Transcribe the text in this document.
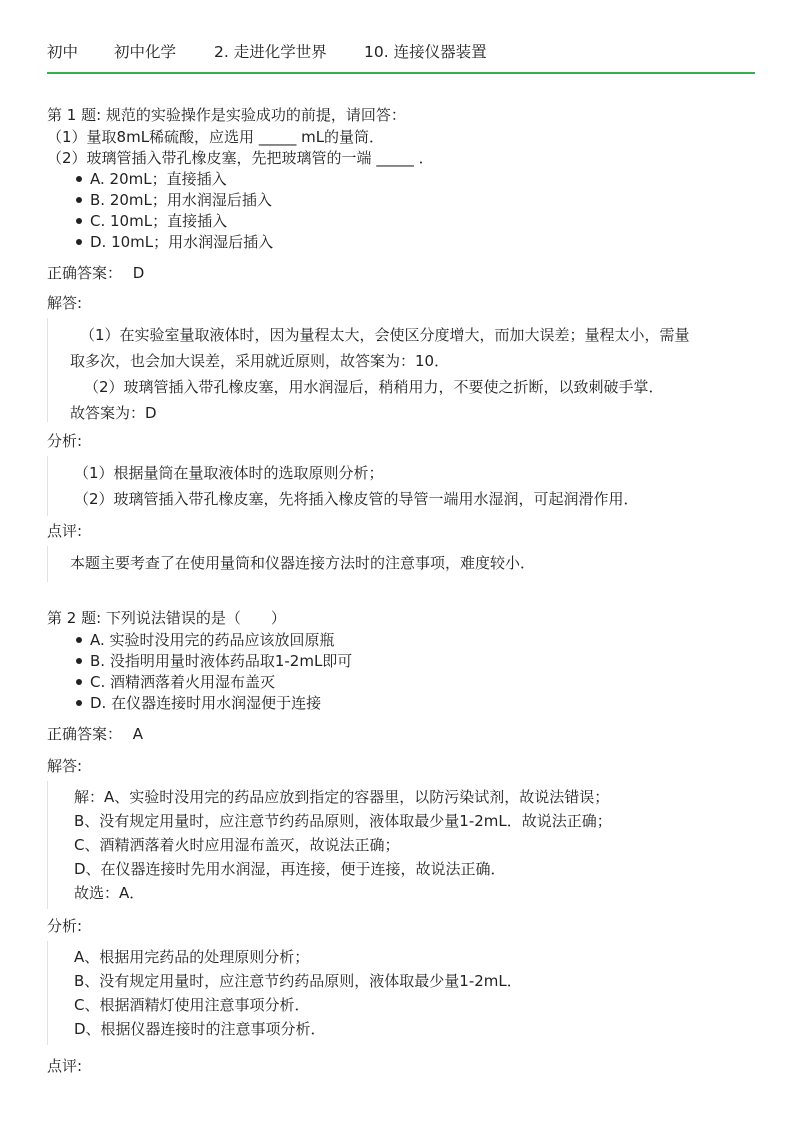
初中 初中化学 2. 走进化学世界 10. 连接仪器装置
第 1 题: 规范的实验操作是实验成功的前提，请回答：
（1）量取8mL稀硫酸，应选用 _____ mL的量筒．
（2）玻璃管插入带孔橡皮塞，先把玻璃管的一端 _____ ．
A. 20mL；直接插入
B. 20mL；用水润湿后插入
C. 10mL；直接插入
D. 10mL；用水润湿后插入
正确答案： D
解答:
（1）在实验室量取液体时，因为量程太大，会使区分度增大，而加大误差；量程太小，需量
取多次，也会加大误差，采用就近原则，故答案为：10．
（2）玻璃管插入带孔橡皮塞，用水润湿后，稍稍用力，不要使之折断，以致刺破手掌．
故答案为：D
分析:
（1）根据量筒在量取液体时的选取原则分析；
（2）玻璃管插入带孔橡皮塞，先将插入橡皮管的导管一端用水湿润，可起润滑作用．
点评:
本题主要考查了在使用量筒和仪器连接方法时的注意事项，难度较小．
第 2 题: 下列说法错误的是（　　）
A. 实验时没用完的药品应该放回原瓶
B. 没指明用量时液体药品取1-2mL即可
C. 酒精洒落着火用湿布盖灭
D. 在仪器连接时用水润湿便于连接
正确答案： A
解答:
解：A、实验时没用完的药品应放到指定的容器里，以防污染试剂，故说法错误；
B、没有规定用量时，应注意节约药品原则，液体取最少量1-2mL．故说法正确；
C、酒精洒落着火时应用湿布盖灭，故说法正确；
D、在仪器连接时先用水润湿，再连接，便于连接，故说法正确．
故选：A．
分析:
A、根据用完药品的处理原则分析；
B、没有规定用量时，应注意节约药品原则，液体取最少量1-2mL．
C、根据酒精灯使用注意事项分析．
D、根据仪器连接时的注意事项分析．
点评:
